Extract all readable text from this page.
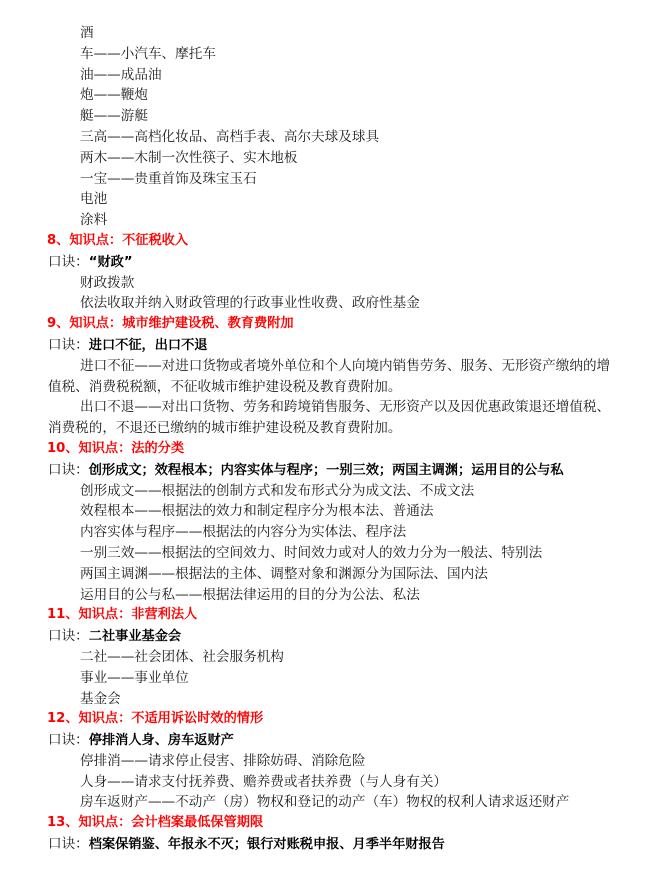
酒
车——小汽车、摩托车
油——成品油
炮——鞭炮
艇——游艇
三高——高档化妆品、高档手表、高尔夫球及球具
两木——木制一次性筷子、实木地板
一宝——贵重首饰及珠宝玉石
电池
涂料
8、知识点：不征税收入
口诀：“财政”
财政拨款
依法收取并纳入财政管理的行政事业性收费、政府性基金
9、知识点：城市维护建设税、教育费附加
口诀：进口不征，出口不退
进口不征——对进口货物或者境外单位和个人向境内销售劳务、服务、无形资产缴纳的增
值税、消费税税额，不征收城市维护建设税及教育费附加。
出口不退——对出口货物、劳务和跨境销售服务、无形资产以及因优惠政策退还增值税、
消费税的，不退还已缴纳的城市维护建设税及教育费附加。
10、知识点：法的分类
口诀：创形成文；效程根本；内容实体与程序；一别三效；两国主调渊；运用目的公与私
创形成文——根据法的创制方式和发布形式分为成文法、不成文法
效程根本——根据法的效力和制定程序分为根本法、普通法
内容实体与程序——根据法的内容分为实体法、程序法
一别三效——根据法的空间效力、时间效力或对人的效力分为一般法、特别法
两国主调渊——根据法的主体、调整对象和渊源分为国际法、国内法
运用目的公与私——根据法律运用的目的分为公法、私法
11、知识点：非营利法人
口诀：二社事业基金会
二社——社会团体、社会服务机构
事业——事业单位
基金会
12、知识点：不适用诉讼时效的情形
口诀：停排消人身、房车返财产
停排消——请求停止侵害、排除妨碍、消除危险
人身——请求支付抚养费、赡养费或者扶养费（与人身有关）
房车返财产——不动产（房）物权和登记的动产（车）物权的权利人请求返还财产
13、知识点：会计档案最低保管期限
口诀：档案保销鉴、年报永不灭；银行对账税申报、月季半年财报告
